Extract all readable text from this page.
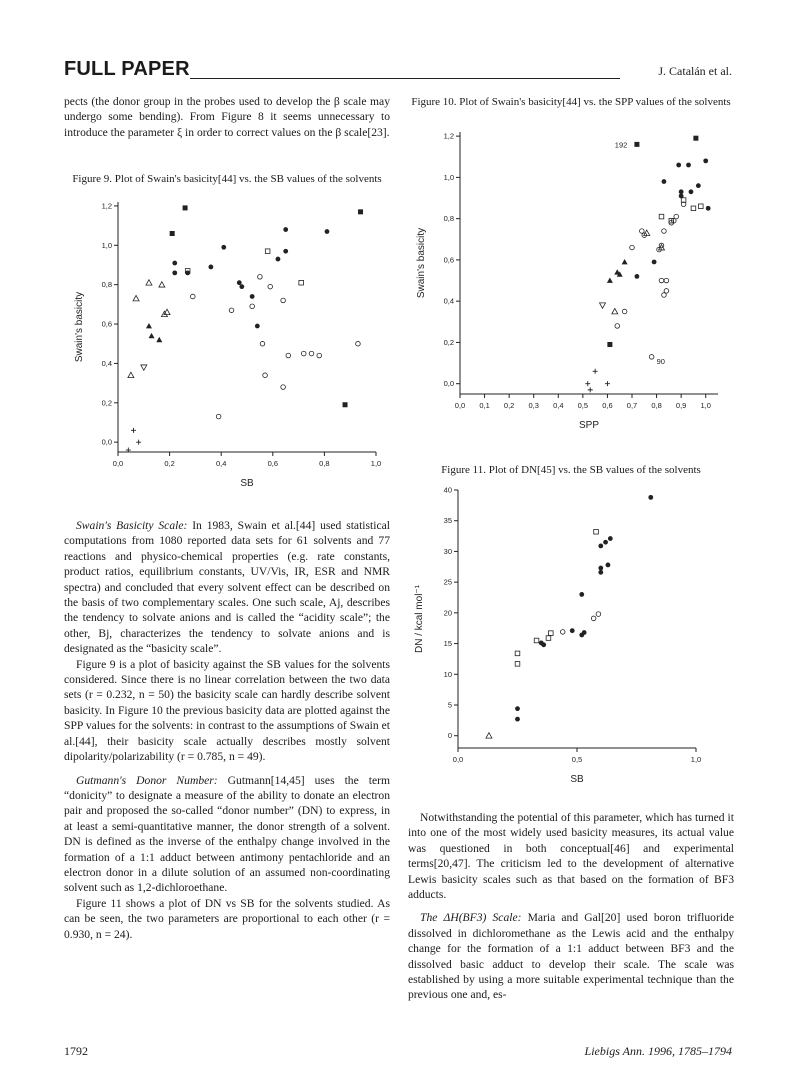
FULL PAPER	J. Catalán et al.

pects (the donor group in the probes used to develop the β scale may undergo some bending). From Figure 8 it seems unnecessary to introduce the parameter ξ in order to correct values on the β scale[23].

Figure 9. Plot of Swain's basicity[44] vs. the SB values of the solvents
0,0	0,2	0,4	0,6	0,8	1,0
0,0
0,2
0,4
0,6
0,8
1,0
1,2
SB
Swain's basicity

Swain's Basicity Scale: In 1983, Swain et al.[44] used statistical computations from 1080 reported data sets for 61 solvents and 77 reactions and physico-chemical properties (e.g. rate constants, product ratios, equilibrium constants, UV/Vis, IR, ESR and NMR spectra) and concluded that every solvent effect can be described on the basis of two complementary scales. One such scale, Aj, describes the tendency to solvate anions and is called the “acidity scale”; the other, Bj, characterizes the tendency to solvate anions and is designated as the “basicity scale”.

Figure 9 is a plot of basicity against the SB values for the solvents considered. Since there is no linear correlation between the two data sets (r = 0.232, n = 50) the basicity scale can hardly describe solvent basicity. In Figure 10 the previous basicity data are plotted against the SPP values for the solvents: in contrast to the assumptions of Swain et al.[44], their basicity scale actually describes mostly solvent dipolarity/polarizability (r = 0.785, n = 49).

Gutmann's Donor Number: Gutmann[14,45] uses the term “donicity” to designate a measure of the ability to donate an electron pair and proposed the so-called “donor number” (DN) to express, in at least a semi-quantitative manner, the donor strength of a solvent. DN is defined as the inverse of the enthalpy change involved in the formation of a 1:1 adduct between antimony pentachloride and an electron donor in a dilute solution of an assumed non-coordinating solvent such as 1,2-dichloroethane.

Figure 11 shows a plot of DN vs SB for the solvents studied. As can be seen, the two parameters are proportional to each other (r = 0.930, n = 24).

Figure 10. Plot of Swain's basicity[44] vs. the SPP values of the solvents
0,0 0,1 0,2 0,3 0,4 0,5 0,6 0,7 0,8 0,9 1,0
0,0
0,2
0,4
0,6
0,8
1,0
1,2
SPP
Swain's basicity
192
90
Figure 11. Plot of DN[45] vs. the SB values of the solvents
0,0	0,5	1,0
0
5
10
15
20
25
30
35
40
SB
DN / kcal mol⁻¹

Notwithstanding the potential of this parameter, which has turned it into one of the most widely used basicity measures, its actual value was questioned in both conceptual[46] and experimental terms[20,47]. The criticism led to the development of alternative Lewis basicity scales such as that based on the formation of BF3 adducts.

The ΔH(BF3) Scale: Maria and Gal[20] used boron trifluoride dissolved in dichloromethane as the Lewis acid and the enthalpy change for the formation of a 1:1 adduct between BF3 and the dissolved basic adduct to develop their scale. The scale was established by using a more suitable experimental technique than the previous one and, es-

1792	Liebigs Ann. 1996, 1785–1794
